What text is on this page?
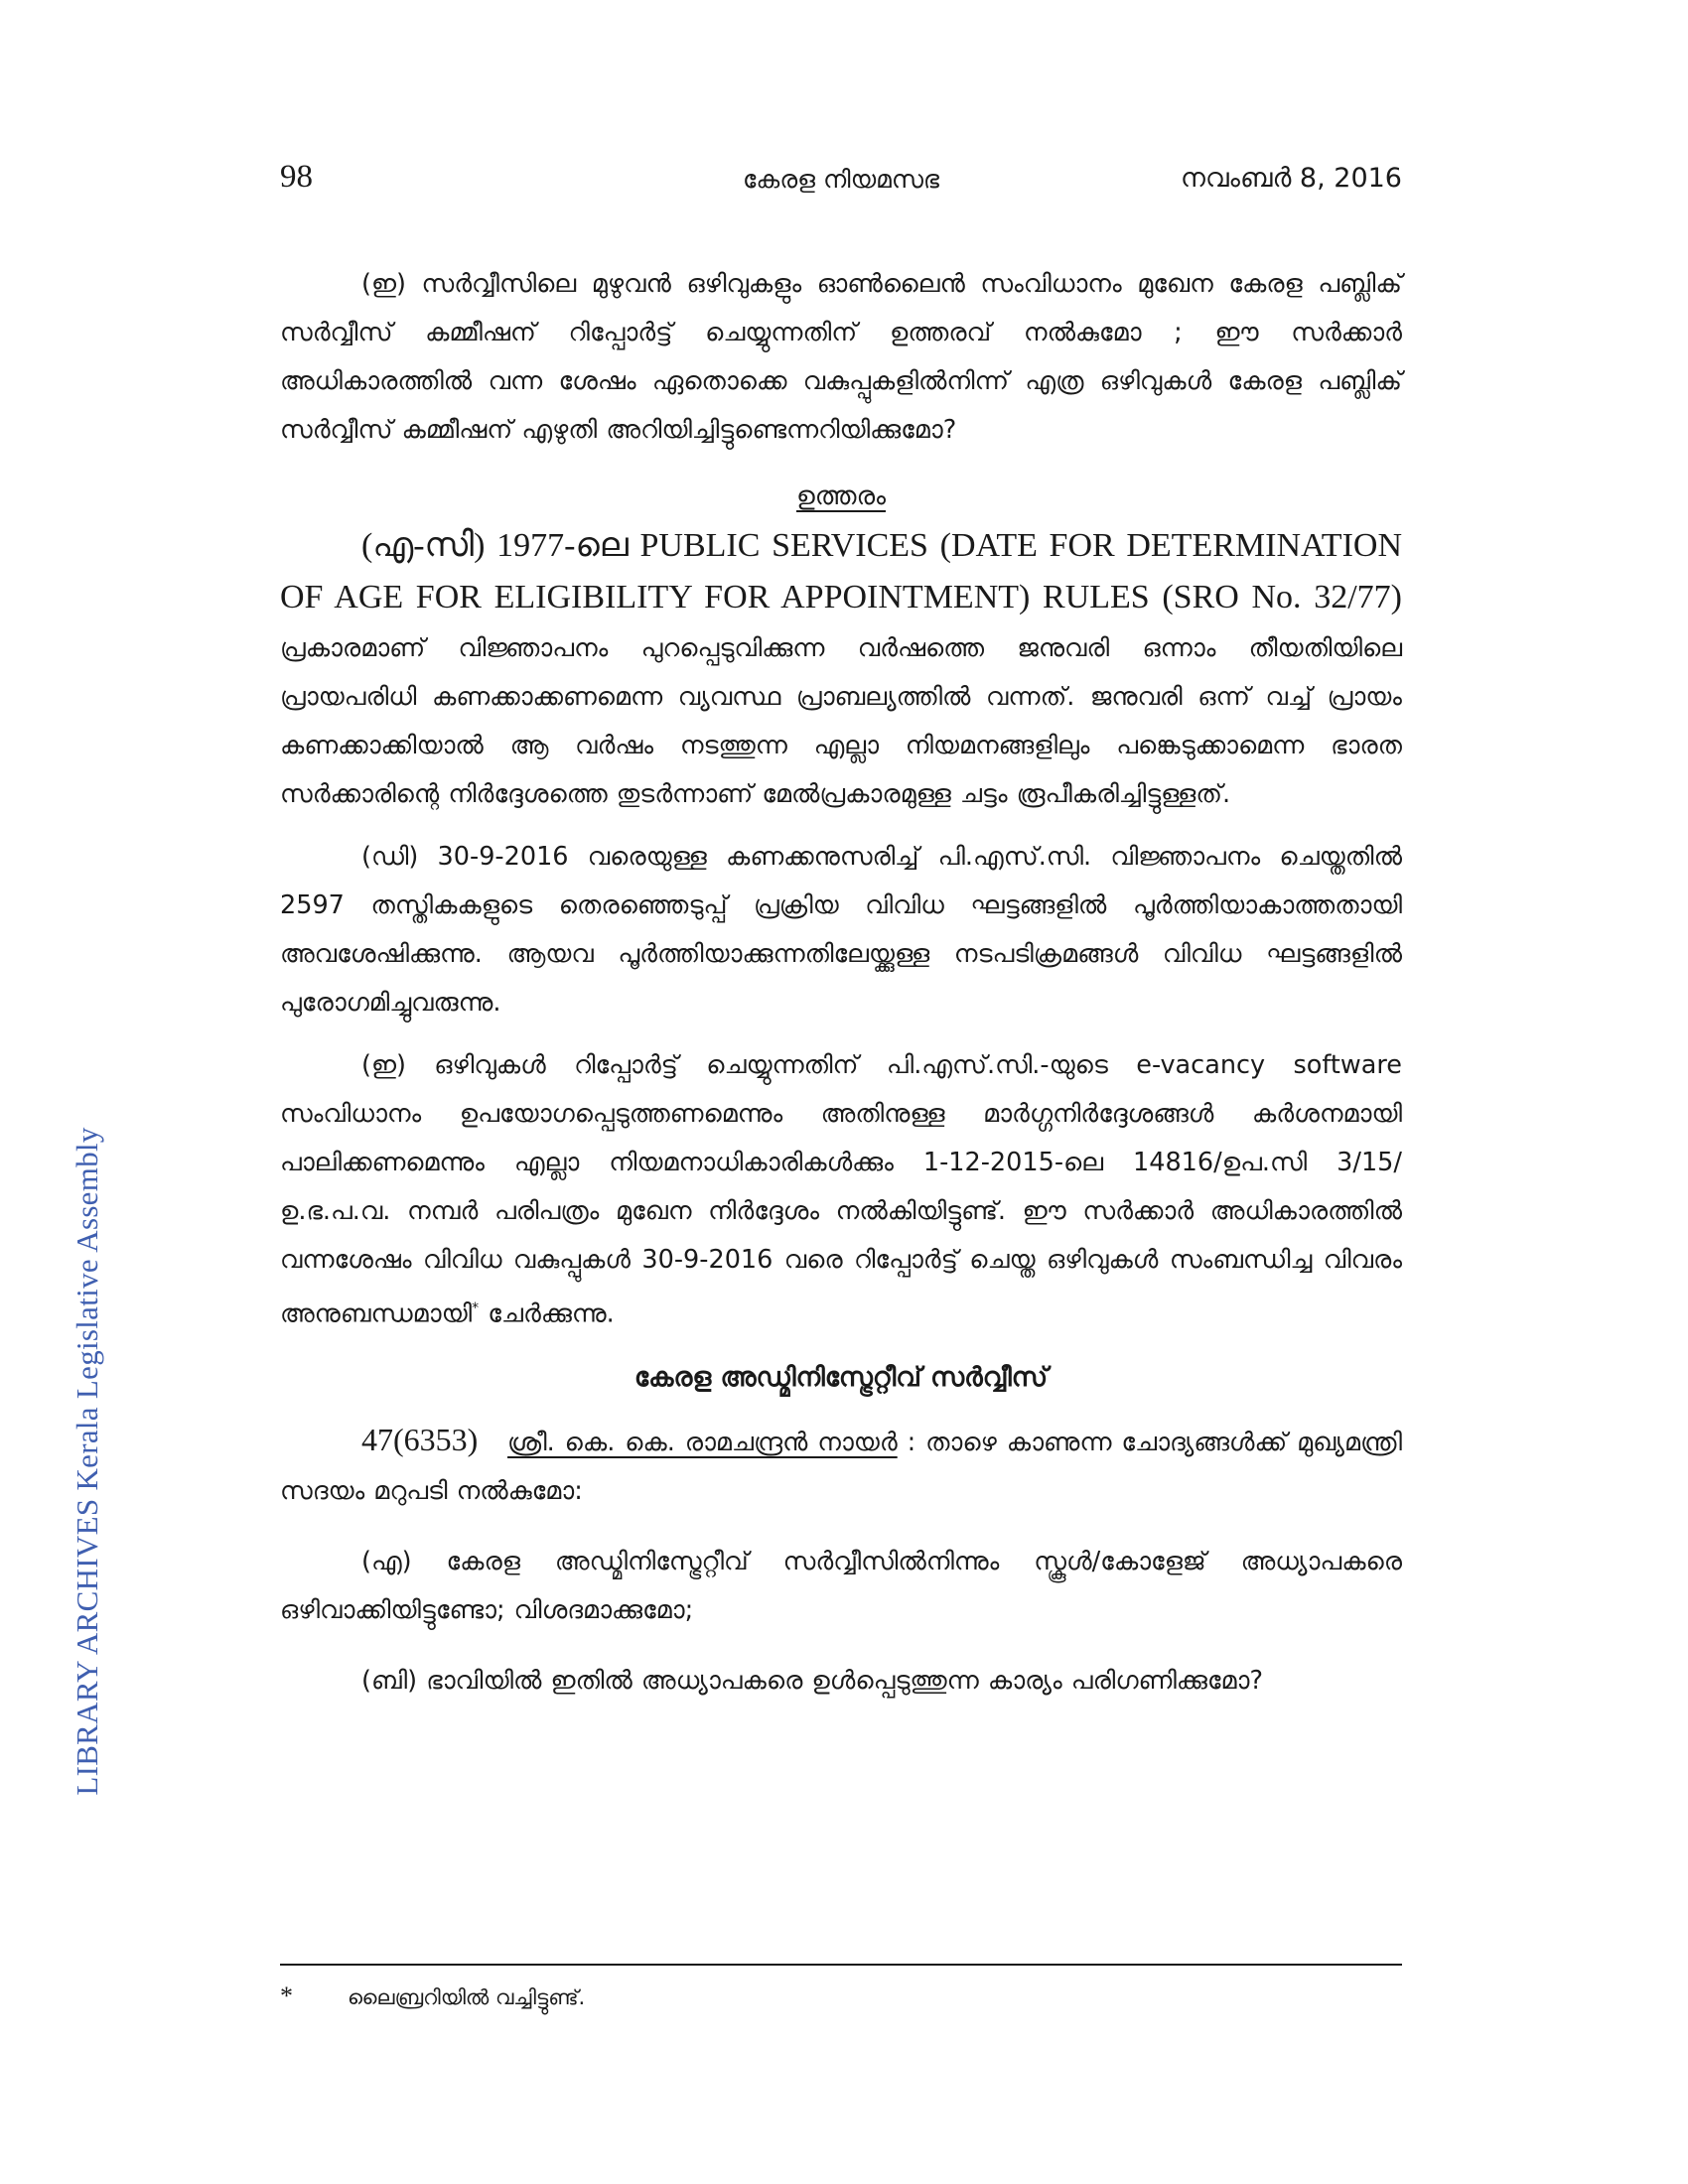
LIBRARY ARCHIVES Kerala Legislative Assembly
98	കേരള നിയമസഭ	നവംബർ 8, 2016

(ഇ) സർവ്വീസിലെ മുഴുവൻ ഒഴിവുകളും ഓൺലൈൻ സംവിധാനം മുഖേന കേരള പബ്ലിക് സർവ്വീസ് കമ്മീഷന് റിപ്പോർട്ട് ചെയ്യുന്നതിന് ഉത്തരവ് നൽകുമോ ; ഈ സർക്കാർ അധികാരത്തിൽ വന്ന ശേഷം ഏതൊക്കെ വകുപ്പുകളിൽനിന്ന് എത്ര ഒഴിവുകൾ കേരള പബ്ലിക് സർവ്വീസ് കമ്മീഷന് എഴുതി അറിയിച്ചിട്ടുണ്ടെന്നറിയിക്കുമോ?

ഉത്തരം

(എ-സി) 1977-ലെ PUBLIC SERVICES (DATE FOR DETERMINATION OF AGE FOR ELIGIBILITY FOR APPOINTMENT) RULES (SRO No. 32/77) പ്രകാരമാണ് വിജ്ഞാപനം പുറപ്പെടുവിക്കുന്ന വർഷത്തെ ജനുവരി ഒന്നാം തീയതിയിലെ പ്രായപരിധി കണക്കാക്കണമെന്ന വ്യവസ്ഥ പ്രാബല്യത്തിൽ വന്നത്. ജനുവരി ഒന്ന് വച്ച് പ്രായം കണക്കാക്കിയാൽ ആ വർഷം നടത്തുന്ന എല്ലാ നിയമനങ്ങളിലും പങ്കെടുക്കാമെന്ന ഭാരത സർക്കാരിന്റെ നിർദ്ദേശത്തെ തുടർന്നാണ് മേൽപ്രകാരമുള്ള ചട്ടം രൂപീകരിച്ചിട്ടുള്ളത്.

(ഡി) 30-9-2016 വരെയുള്ള കണക്കനുസരിച്ച് പി.എസ്.സി. വിജ്ഞാപനം ചെയ്തതിൽ 2597 തസ്തികകളുടെ തെരഞ്ഞെടുപ്പ് പ്രക്രിയ വിവിധ ഘട്ടങ്ങളിൽ പൂർത്തിയാകാത്തതായി അവശേഷിക്കുന്നു. ആയവ പൂർത്തിയാക്കുന്നതിലേയ്ക്കുള്ള നടപടിക്രമങ്ങൾ വിവിധ ഘട്ടങ്ങളിൽ പുരോഗമിച്ചുവരുന്നു.

(ഇ) ഒഴിവുകൾ റിപ്പോർട്ട് ചെയ്യുന്നതിന് പി.എസ്.സി.-യുടെ e-vacancy software സംവിധാനം ഉപയോഗപ്പെടുത്തണമെന്നും അതിനുള്ള മാർഗ്ഗനിർദ്ദേശങ്ങൾ കർശനമായി പാലിക്കണമെന്നും എല്ലാ നിയമനാധികാരികൾക്കും 1-12-2015-ലെ 14816/ഉപ.സി 3/15/ഉ.ഭ.പ.വ. നമ്പർ പരിപത്രം മുഖേന നിർദ്ദേശം നൽകിയിട്ടുണ്ട്. ഈ സർക്കാർ അധികാരത്തിൽ വന്നശേഷം വിവിധ വകുപ്പുകൾ 30-9-2016 വരെ റിപ്പോർട്ട് ചെയ്ത ഒഴിവുകൾ സംബന്ധിച്ച വിവരം അനുബന്ധമായി* ചേർക്കുന്നു.

കേരള അഡ്മിനിസ്ട്രേറ്റീവ് സർവ്വീസ്

47(6353) ശ്രീ. കെ. കെ. രാമചന്ദ്രൻ നായർ : താഴെ കാണുന്ന ചോദ്യങ്ങൾക്ക് മുഖ്യമന്ത്രി സദയം മറുപടി നൽകുമോ:

(എ) കേരള അഡ്മിനിസ്ട്രേറ്റീവ് സർവ്വീസിൽനിന്നും സ്കൂൾ/കോളേജ് അധ്യാപകരെ ഒഴിവാക്കിയിട്ടുണ്ടോ; വിശദമാക്കുമോ;

(ബി) ഭാവിയിൽ ഇതിൽ അധ്യാപകരെ ഉൾപ്പെടുത്തുന്ന കാര്യം പരിഗണിക്കുമോ?

*	ലൈബ്രറിയിൽ വച്ചിട്ടുണ്ട്.
